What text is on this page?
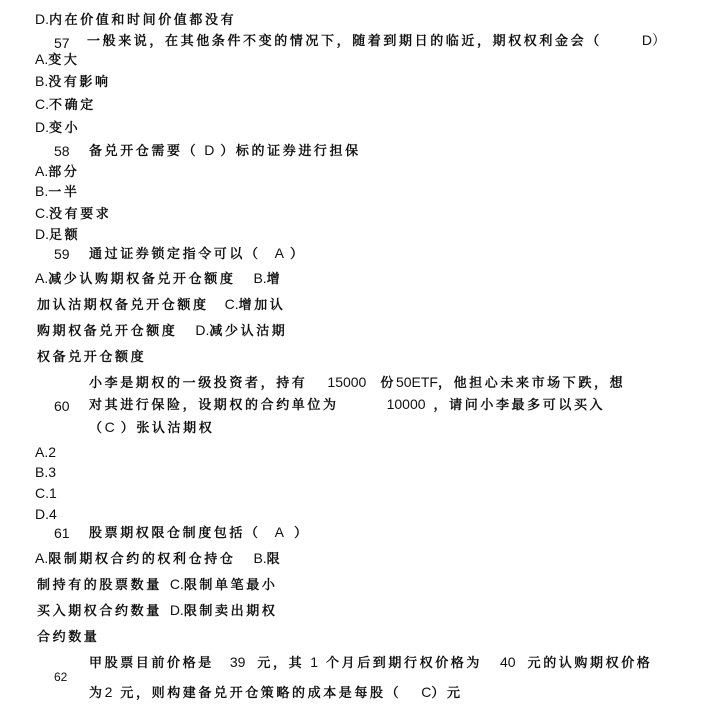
D.内在价值和时间价值都没有
57 一般来说，在其他条件不变的情况下，随着到期日的临近，期权权利金会（	D）
A.变大
B.没有影响
C.不确定
D.变小
58 备兑开仓需要（ D ）标的证券进行担保
A.部分
B.一半
C.没有要求
D.足额
59 通过证券锁定指令可以（ A ）
A.减少认购期权备兑开仓额度 B.增
加认沽期权备兑开仓额度 C.增加认
购期权备兑开仓额度 D.减少认沽期
权备兑开仓额度
小李是期权的一级投资者，持有 15000 份50ETF，他担心未来市场下跌，想
60 对其进行保险，设期权的合约单位为	10000 ，请问小李最多可以买入
（C ）张认沽期权
A.2
B.3
C.1
D.4
61 股票期权限仓制度包括（ A ）
A.限制期权合约的权利仓持仓 B.限
制持有的股票数量 C.限制单笔最小
买入期权合约数量 D.限制卖出期权
合约数量
甲股票目前价格是 39 元，其 1 个月后到期行权价格为 40 元的认购期权价格
62
为2 元，则构建备兑开仓策略的成本是每股（ C）元
